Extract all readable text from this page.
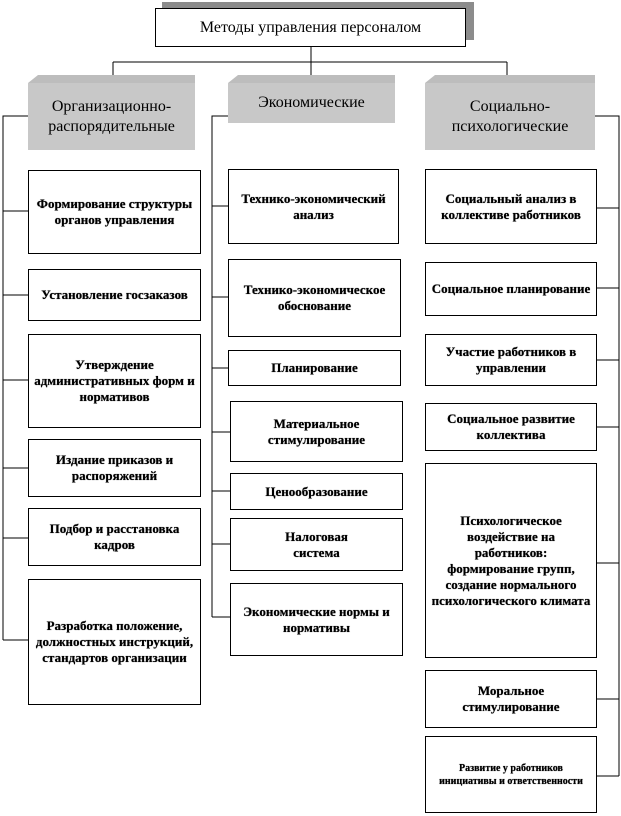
Методы управления персоналом
Организационно-распорядительные
Экономические	Социально-психологические
Формирование структуры органов управления
Установление госзаказов
Утверждение административных форм и нормативов
Издание приказов и распоряжений
Подбор и расстановка кадров
Разработка положение, должностных инструкций, стандартов организации
Технико-экономический анализ
Технико-экономическое обоснование
Планирование
Материальное стимулирование
Ценообразование
Налоговая система
Экономические нормы и нормативы
Социальный анализ в коллективе работников
Социальное планирование
Участие работников в управлении
Социальное развитие коллектива
Психологическое воздействие на работников: формирование групп, создание нормального психологического климата
Моральное стимулирование
Развитие у работников инициативы и ответственности
